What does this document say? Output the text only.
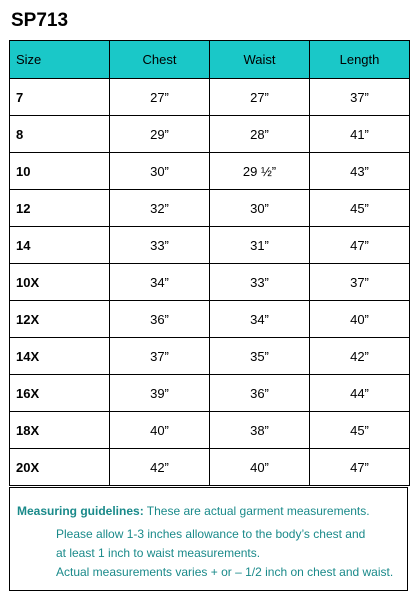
SP713
Size	Chest	Waist	Length
7	27”	27”	37”
8	29”	28”	41”
10	30”	29 ½”	43”
12	32”	30”	45”
14	33”	31”	47”
10X	34”	33”	37”
12X	36”	34”	40”
14X	37”	35”	42”
16X	39”	36”	44”
18X	40”	38”	45”
20X	42”	40”	47”
Measuring guidelines: These are actual garment measurements.
Please allow 1-3 inches allowance to the body’s chest and
at least 1 inch to waist measurements.
Actual measurements varies + or – 1/2 inch on chest and waist.
